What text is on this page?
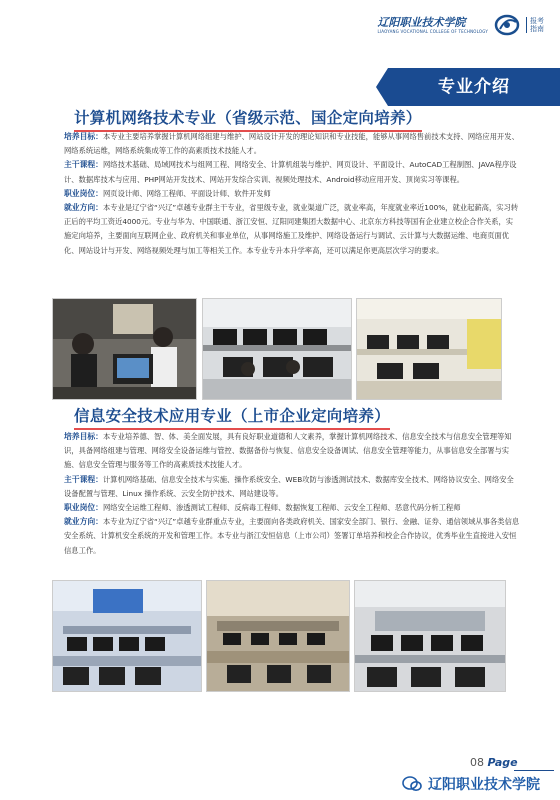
辽阳职业技术学院
LIAOYANG VOCATIONAL COLLEGE OF TECHNOLOGY
报考指南
专业介绍
计算机网络技术专业（省级示范、国企定向培养）
培养目标：本专业主要培养掌握计算机网络组建与维护、网站设计开发的理论知识和专业技能，能够从事网络售前技术支持、网络应用开发、网络系统运维，网络系统集成等工作的高素质技术技能人才。
主干课程：网络技术基础、局域网技术与组网工程、网络安全、计算机组装与维护、网页设计、平面设计、AutoCAD工程制图、JAVA程序设计、数据库技术与应用、PHP网站开发技术、网站开发综合实训、视频处理技术、Android移动应用开发、顶岗实习等课程。
职业岗位：网页设计师、网络工程师、平面设计师、软件开发师
就业方向：本专业是辽宁省“兴辽”卓越专业群主干专业，省里级专业，就业渠道广泛，就业率高，年度就业率近100%，就业起薪高，实习转正后的平均工资近4000元。专业与华为、中国联通、浙江安恒、辽阳同建集团大数据中心、北京东方科技等国有企业建立校企合作关系，实施定向培养，主要面向互联网企业、政府机关和事业单位，从事网络施工及维护、网络设备运行与调试、云计算与大数据运维、电商页面优化、网站设计与开发、网络视频处理与加工等相关工作。本专业专升本升学率高，还可以满足你更高层次学习的要求。
信息安全技术应用专业（上市企业定向培养）
培养目标：本专业培养德、智、体、美全面发展，具有良好职业道德和人文素养，掌握计算机网络技术、信息安全技术与信息安全管理等知识，具备网络组建与管理、网络安全设备运维与管控、数据备份与恢复、信息安全设备调试、信息安全管理等能力，从事信息安全部署与实施、信息安全管理与服务等工作的高素质技术技能人才。
主干课程：计算机网络基础、信息安全技术与实施、操作系统安全、WEB攻防与渗透测试技术、数据库安全技术、网络协议安全、网络安全设备配置与管理、Linux 操作系统、云安全防护技术、网站建设等。
职业岗位：网络安全运维工程师、渗透测试工程师、反病毒工程师、数据恢复工程师、云安全工程师、恶意代码分析工程师
就业方向：本专业为辽宁省“兴辽”卓越专业群重点专业，主要面向各类政府机关、国家安全部门、银行、金融、证券、通信领域从事各类信息安全系统、计算机安全系统的开发和管理工作。本专业与浙江安恒信息（上市公司）签署订单培养和校企合作协议，优秀毕业生直接进入安恒信息工作。
08 Page
辽阳职业技术学院
